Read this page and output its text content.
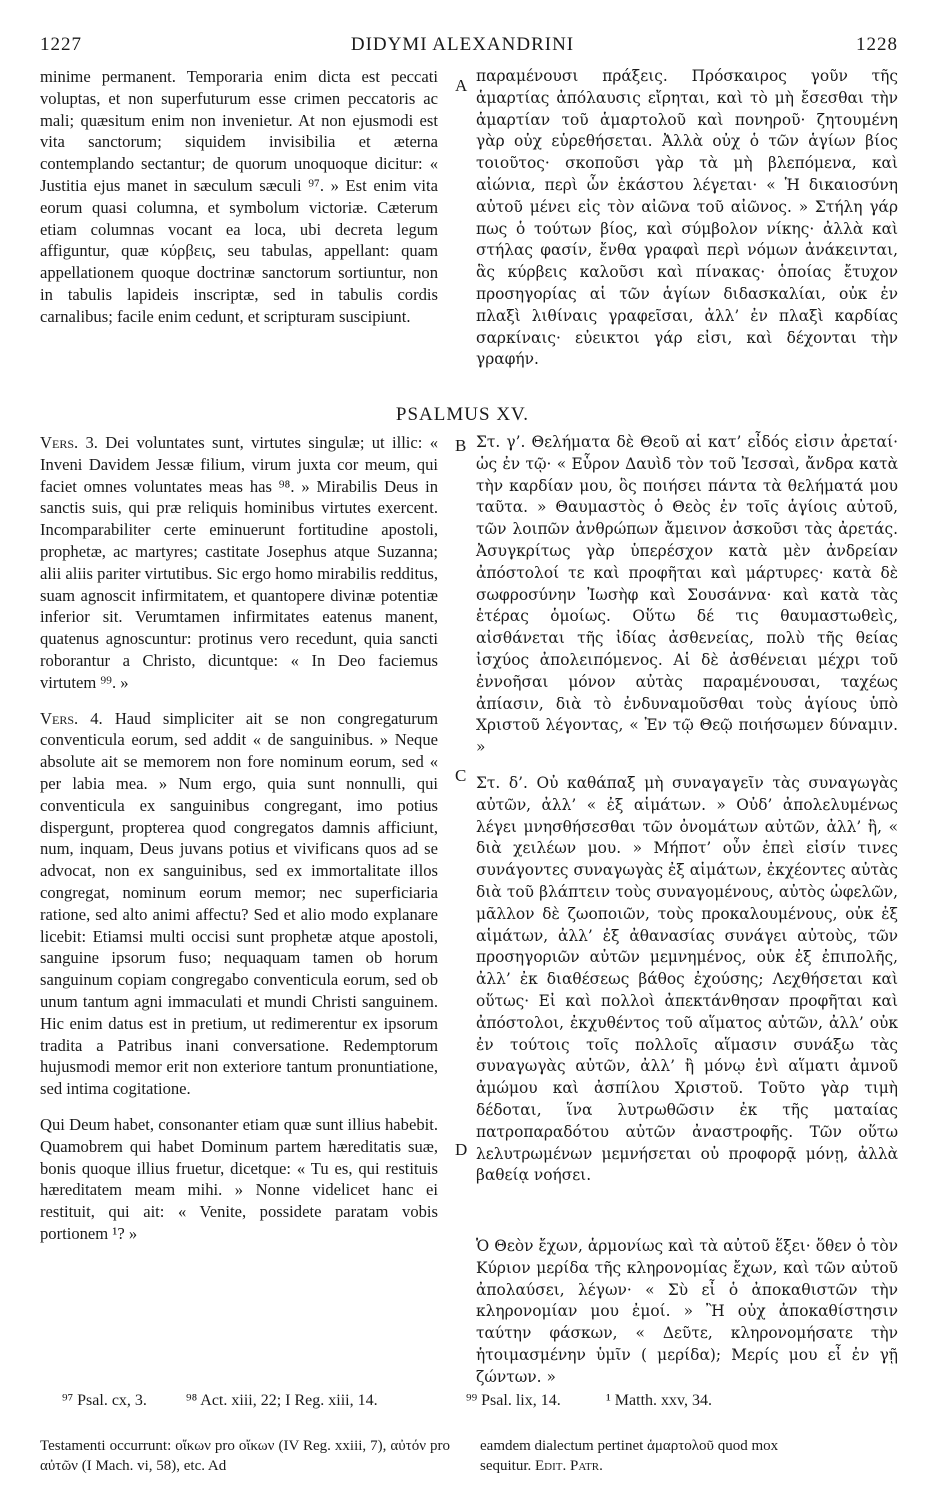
1227	DIDYMI ALEXANDRINI	1228

minime permanent. Temporaria enim dicta est peccati voluptas, et non superfuturum esse crimen peccatoris ac mali; quæsitum enim non invenietur. At non ejusmodi est vita sanctorum; siquidem invisibilia et æterna contemplando sectantur; de quorum unoquoque dicitur: « Justitia ejus manet in sæculum sæculi ⁹⁷. » Est enim vita eorum quasi columna, et symbolum victoriæ. Cæterum etiam columnas vocant ea loca, ubi decreta legum affiguntur, quæ κύρβεις, seu tabulas, appellant: quam appellationem quoque doctrinæ sanctorum sortiuntur, non in tabulis lapideis inscriptæ, sed in tabulis cordis carnalibus; facile enim cedunt, et scripturam suscipiunt.

A παραμένουσι πράξεις. Πρόσκαιρος γοῦν τῆς ἁμαρτίας ἀπόλαυσις εἴρηται, καὶ τὸ μὴ ἔσεσθαι τὴν ἁμαρτίαν τοῦ ἁμαρτολοῦ καὶ πονηροῦ· ζητουμένη γὰρ οὐχ εὑρεθήσεται. Ἀλλὰ οὐχ ὁ τῶν ἁγίων βίος τοιοῦτος· σκοποῦσι γὰρ τὰ μὴ βλεπόμενα, καὶ αἰώνια, περὶ ὧν ἑκάστου λέγεται· « Ἡ δικαιοσύνη αὐτοῦ μένει εἰς τὸν αἰῶνα τοῦ αἰῶνος. » Στήλη γάρ πως ὁ τούτων βίος, καὶ σύμβολον νίκης· ἀλλὰ καὶ στήλας φασίν, ἔνθα γραφαὶ περὶ νόμων ἀνάκεινται, ἃς κύρβεις καλοῦσι καὶ πίνακας· ὁποίας ἔτυχον προσηγορίας αἱ τῶν ἁγίων διδασκαλίαι, οὐκ ἐν πλαξὶ λιθίναις γραφεῖσαι, ἀλλ’ ἐν πλαξὶ καρδίας σαρκίναις· εὐεικτοι γάρ εἰσι, καὶ δέχονται τὴν γραφήν.

PSALMUS XV.

Vers. 3. Dei voluntates sunt, virtutes singulæ; ut illic: « Inveni Davidem Jessæ filium, virum juxta cor meum, qui faciet omnes voluntates meas has ⁹⁸. » Mirabilis Deus in sanctis suis, qui præ reliquis hominibus virtutes exercent. Incomparabiliter certe eminuerunt fortitudine apostoli, prophetæ, ac martyres; castitate Josephus atque Suzanna; alii aliis pariter virtutibus. Sic ergo homo mirabilis redditus, suam agnoscit infirmitatem, et quantopere divinæ potentiæ inferior sit. Verumtamen infirmitates eatenus manent, quatenus agnoscuntur: protinus vero recedunt, quia sancti roborantur a Christo, dicuntque: « In Deo faciemus virtutem ⁹⁹. »

Vers. 4. Haud simpliciter ait se non congregaturum conventicula eorum, sed addit « de sanguinibus. » Neque absolute ait se memorem non fore nominum eorum, sed « per labia mea. » Num ergo, quia sunt nonnulli, qui conventicula ex sanguinibus congregant, imo potius dispergunt, propterea quod congregatos damnis afficiunt, num, inquam, Deus juvans potius et vivificans quos ad se advocat, non ex sanguinibus, sed ex immortalitate illos congregat, nominum eorum memor; nec superficiaria ratione, sed alto animi affectu? Sed et alio modo explanare licebit: Etiamsi multi occisi sunt prophetæ atque apostoli, sanguine ipsorum fuso; nequaquam tamen ob horum sanguinum copiam congregabo conventicula eorum, sed ob unum tantum agni immaculati et mundi Christi sanguinem. Hic enim datus est in pretium, ut redimerentur ex ipsorum tradita a Patribus inani conversatione. Redemptorum hujusmodi memor erit non exteriore tantum pronuntiatione, sed intima cogitatione.

Qui Deum habet, consonanter etiam quæ sunt illius habebit. Quamobrem qui habet Dominum partem hæreditatis suæ, bonis quoque illius fruetur, dicetque: « Tu es, qui restituis hæreditatem meam mihi. » Nonne videlicet hanc ei restituit, qui ait: « Venite, possidete paratam vobis portionem ¹? »

B
C
D

Στ. γ’. Θελήματα δὲ Θεοῦ αἱ κατ’ εἶδός εἰσιν ἀρεταί· ὡς ἐν τῷ· « Εὗρον Δαυὶδ τὸν τοῦ Ἰεσσαὶ, ἄνδρα κατὰ τὴν καρδίαν μου, ὃς ποιήσει πάντα τὰ θελήματά μου ταῦτα. » Θαυμαστὸς ὁ Θεὸς ἐν τοῖς ἁγίοις αὐτοῦ, τῶν λοιπῶν ἀνθρώπων ἄμεινον ἀσκοῦσι τὰς ἀρετάς. Ἀσυγκρίτως γὰρ ὑπερέσχον κατὰ μὲν ἀνδρείαν ἀπόστολοί τε καὶ προφῆται καὶ μάρτυρες· κατὰ δὲ σωφροσύνην Ἰωσὴφ καὶ Σουσάννα· καὶ κατὰ τὰς ἑτέρας ὁμοίως. Οὕτω δέ τις θαυμαστωθεὶς, αἰσθάνεται τῆς ἰδίας ἀσθενείας, πολὺ τῆς θείας ἰσχύος ἀπολειπόμενος. Αἱ δὲ ἀσθένειαι μέχρι τοῦ ἐννοῆσαι μόνον αὐτὰς παραμένουσαι, ταχέως ἀπίασιν, διὰ τὸ ἐνδυναμοῦσθαι τοὺς ἁγίους ὑπὸ Χριστοῦ λέγοντας, « Ἐν τῷ Θεῷ ποιήσωμεν δύναμιν. »

Στ. δ’. Οὐ καθάπαξ μὴ συναγαγεῖν τὰς συναγωγὰς αὐτῶν, ἀλλ’ « ἐξ αἱμάτων. » Οὐδ’ ἀπολελυμένως λέγει μνησθήσεσθαι τῶν ὀνομάτων αὐτῶν, ἀλλ’ ἢ, « διὰ χειλέων μου. » Μήποτ’ οὖν ἐπεὶ εἰσίν τινες συνάγοντες συναγωγὰς ἐξ αἱμάτων, ἐκχέοντες αὐτὰς διὰ τοῦ βλάπτειν τοὺς συναγομένους, αὐτὸς ὠφελῶν, μᾶλλον δὲ ζωοποιῶν, τοὺς προκαλουμένους, οὐκ ἐξ αἱμάτων, ἀλλ’ ἐξ ἀθανασίας συνάγει αὐτοὺς, τῶν προσηγοριῶν αὐτῶν μεμνημένος, οὐκ ἐξ ἐπιπολῆς, ἀλλ’ ἐκ διαθέσεως βάθος ἐχούσης; Λεχθήσεται καὶ οὕτως· Εἰ καὶ πολλοὶ ἀπεκτάνθησαν προφῆται καὶ ἀπόστολοι, ἐκχυθέντος τοῦ αἵματος αὐτῶν, ἀλλ’ οὐκ ἐν τούτοις τοῖς πολλοῖς αἵμασιν συνάξω τὰς συναγωγὰς αὐτῶν, ἀλλ’ ἢ μόνῳ ἑνὶ αἵματι ἀμνοῦ ἀμώμου καὶ ἀσπίλου Χριστοῦ. Τοῦτο γὰρ τιμὴ δέδοται, ἵνα λυτρωθῶσιν ἐκ τῆς ματαίας πατροπαραδότου αὐτῶν ἀναστροφῆς. Τῶν οὕτω λελυτρωμένων μεμνήσεται οὐ προφορᾷ μόνῃ, ἀλλὰ βαθείᾳ νοήσει.

Ὁ Θεὸν ἔχων, ἁρμονίως καὶ τὰ αὐτοῦ ἕξει· ὅθεν ὁ τὸν Κύριον μερίδα τῆς κληρονομίας ἔχων, καὶ τῶν αὐτοῦ ἀπολαύσει, λέγων· « Σὺ εἶ ὁ ἀποκαθιστῶν τὴν κληρονομίαν μου ἐμοί. » Ἢ οὐχ ἀποκαθίστησιν ταύτην φάσκων, « Δεῦτε, κληρονομήσατε τὴν ἡτοιμασμένην ὑμῖν ( μερίδα); Μερίς μου εἶ ἐν γῇ ζώντων. »

⁹⁷ Psal. cx, 3. ⁹⁸ Act. xiii, 22; I Reg. xiii, 14.	⁹⁹ Psal. lix, 14.	¹ Matth. xxv, 34.
Testamenti occurrunt: οἴκων pro οἴκων (IV Reg. xxiii, 7), αὐτόν pro αὐτῶν (I Mach. vi, 58), etc. Ad
eamdem dialectum pertinet ἁμαρτολοῦ quod mox
sequitur. Edit. Patr.
